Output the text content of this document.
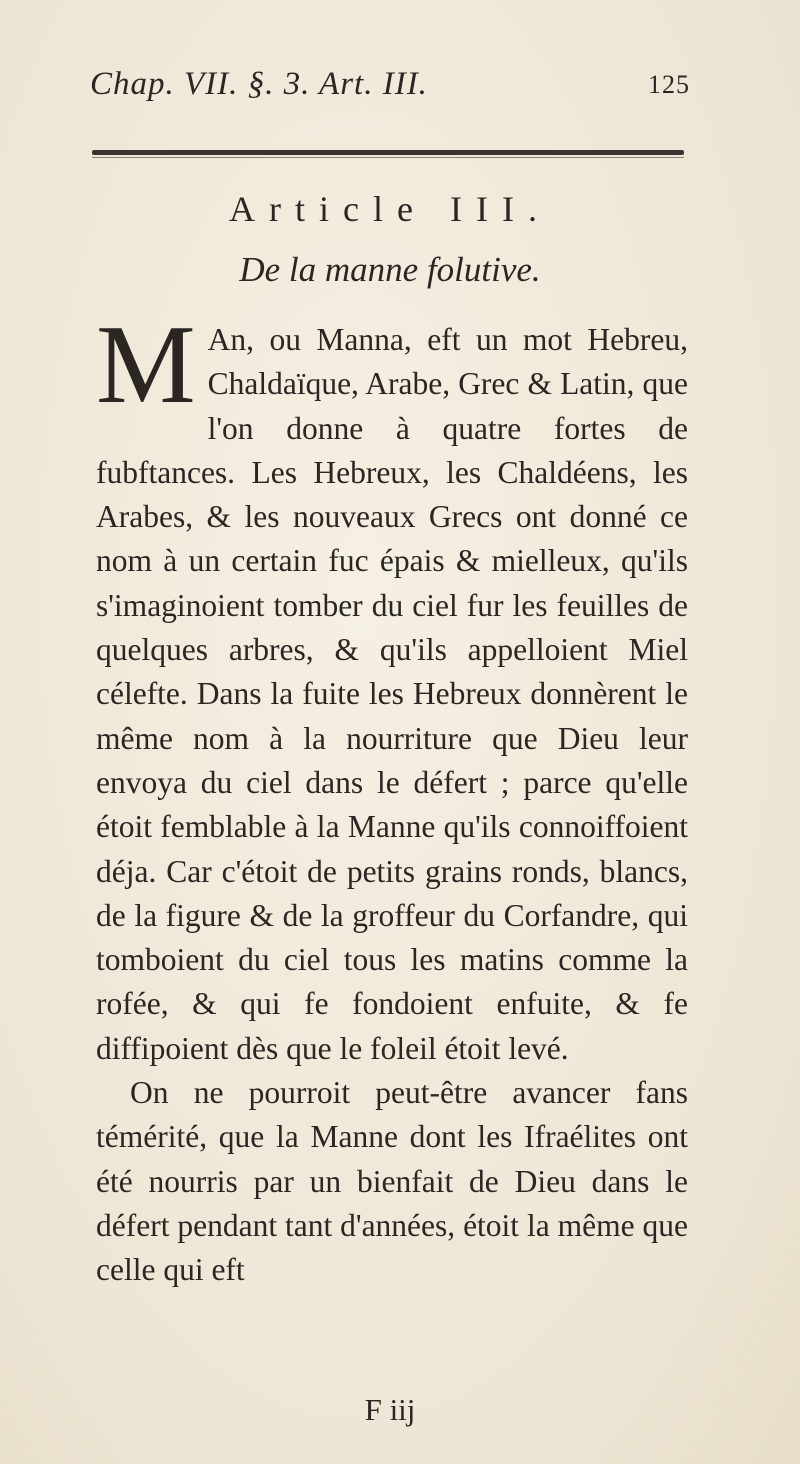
Chap. VII. §. 3. Art. III.	125
Article III.
De la manne folutive.

M An, ou Manna, eft un mot Hebreu, Chaldaïque, Arabe, Grec & Latin, que l'on donne à quatre fortes de fubftances. Les Hebreux, les Chaldéens, les Arabes, & les nouveaux Grecs ont donné ce nom à un certain fuc épais & mielleux, qu'ils s'imaginoient tomber du ciel fur les feuilles de quelques arbres, & qu'ils appelloient Miel célefte. Dans la fuite les Hebreux donnèrent le même nom à la nourriture que Dieu leur envoya du ciel dans le défert ; parce qu'elle étoit femblable à la Manne qu'ils connoiffoient déja. Car c'étoit de petits grains ronds, blancs, de la figure & de la groffeur du Corfandre, qui tomboient du ciel tous les matins comme la rofée, & qui fe fondoient enfuite, & fe diffipoient dès que le foleil étoit levé.

On ne pourroit peut-être avancer fans témérité, que la Manne dont les Ifraélites ont été nourris par un bienfait de Dieu dans le défert pendant tant d'années, étoit la même que celle qui eft

F iij
